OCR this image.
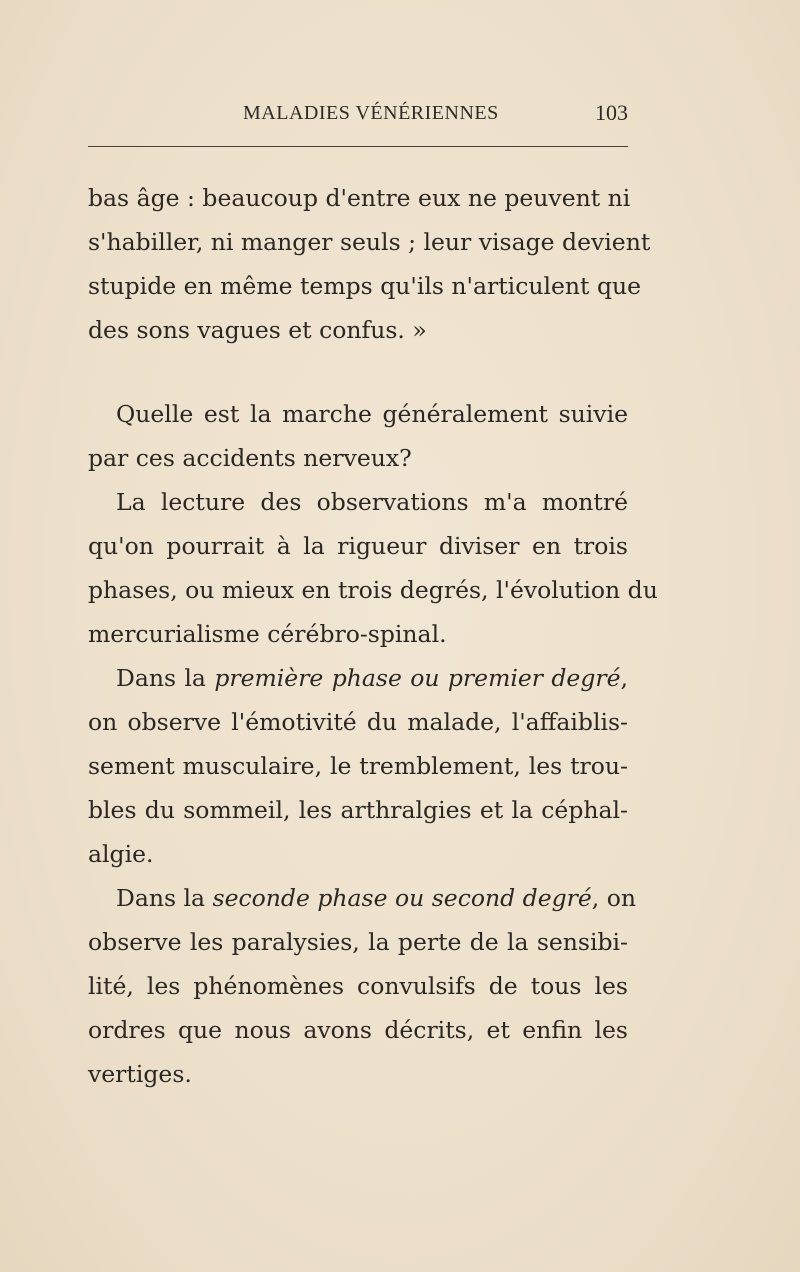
MALADIES VÉNÉRIENNES	103

bas âge : beaucoup d'entre eux ne peuvent ni
s'habiller, ni manger seuls ; leur visage devient
stupide en même temps qu'ils n'articulent que
des sons vagues et confus. »

Quelle est la marche généralement suivie
par ces accidents nerveux?

La lecture des observations m'a montré
qu'on pourrait à la rigueur diviser en trois
phases, ou mieux en trois degrés, l'évolution du
mercurialisme cérébro-spinal.

Dans la première phase ou premier degré,
on observe l'émotivité du malade, l'affaiblis-
sement musculaire, le tremblement, les trou-
bles du sommeil, les arthralgies et la céphal-
algie.

Dans la seconde phase ou second degré, on
observe les paralysies, la perte de la sensibi-
lité, les phénomènes convulsifs de tous les
ordres que nous avons décrits, et enfin les
vertiges.
